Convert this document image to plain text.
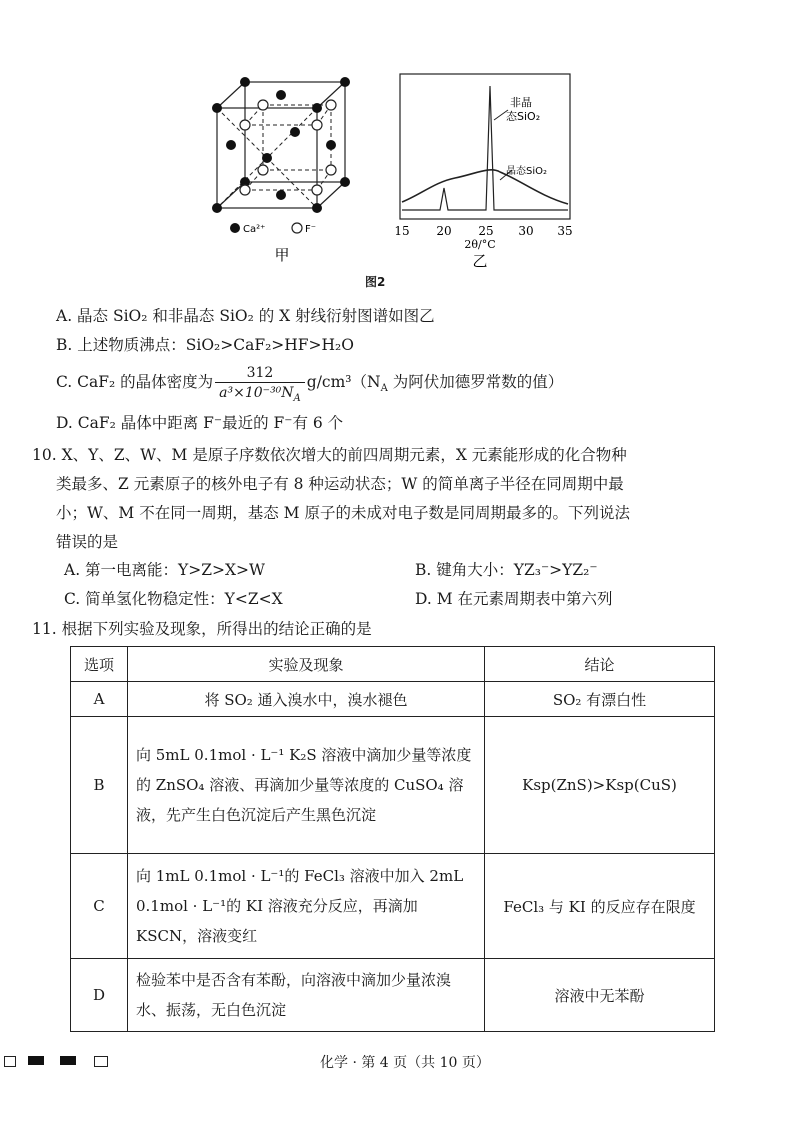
Ca²⁺	F⁻
甲
非晶
态SiO₂
晶态SiO₂
15 20 25 30 35
2θ/°C
乙
图2
A. 晶态 SiO₂ 和非晶态 SiO₂ 的 X 射线衍射图谱如图乙
B. 上述物质沸点：SiO₂>CaF₂>HF>H₂O
C. CaF₂ 的晶体密度为 $\frac{312}{a^3\times 10^{-30}N_A} g/cm^3(N_A$ 为阿伏加德罗常数的值）
D. CaF₂ 晶体中距离 F⁻最近的 F⁻有 6 个
10. X、Y、Z、W、M 是原子序数依次增大的前四周期元素，X 元素能形成的化合物种
类最多、Z 元素原子的核外电子有 8 种运动状态；W 的简单离子半径在同周期中最
小；W、M 不在同一周期，基态 M 原子的未成对电子数是同周期最多的。下列说法
错误的是
A. 第一电离能：Y>Z>X>W	B. 键角大小：YZ₃⁻>YZ₂⁻
C. 简单氢化物稳定性：Y<Z<X	D. M 在元素周期表中第六列
11. 根据下列实验及现象，所得出的结论正确的是
选项	实验及现象	结论
A	将 SO₂ 通入溴水中，溴水褪色	SO₂ 有漂白性
B	向 5mL 0.1mol · L⁻¹ K₂S 溶液中滴加少量等浓度的 ZnSO₄ 溶液、再滴加少量等浓度的 CuSO₄ 溶液，先产生白色沉淀后产生黑色沉淀	Ksp(ZnS)>Ksp(CuS)
C	向 1mL 0.1mol · L⁻¹的 FeCl₃ 溶液中加入 2mL 0.1mol · L⁻¹的 KI 溶液充分反应，再滴加 KSCN，溶液变红	FeCl₃ 与 KI 的反应存在限度
D	检验苯中是否含有苯酚，向溶液中滴加少量浓溴水、振荡，无白色沉淀	溶液中无苯酚
化学 · 第 4 页（共 10 页）
